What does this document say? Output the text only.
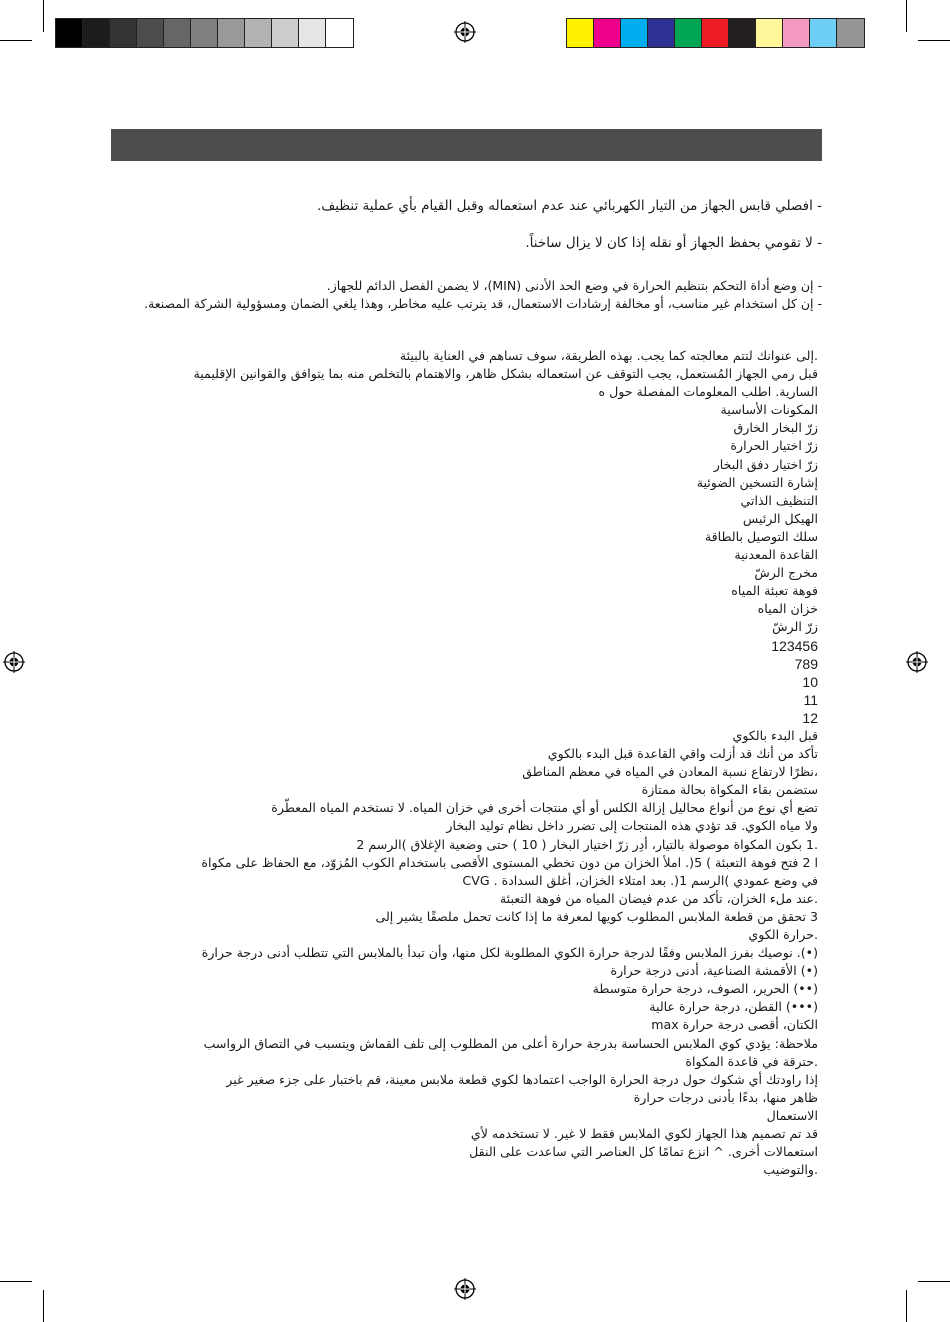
- افصلي قابس الجهاز من التيار الكهربائي عند عدم استعماله وقبل القيام بأي عملية تنظيف.
- لا تقومي بحفظ الجهاز أو نقله إذا كان لا يزال ساخناً.
- إن وضع أداة التحكم بتنظيم الحرارة في وضع الحد الأدنى (MIN)، لا يضمن الفصل الدائم للجهاز.
- إن كل استخدام غير مناسب، أو مخالفة إرشادات الاستعمال، قد يترتب عليه مخاطر، وهذا يلغي الضمان ومسؤولية الشركة المصنعة.
.إلى عنوانك لتتم معالجته كما يجب. بهذه الطريقة، سوف تساهم في العناية بالبيئة
قبل رمي الجهاز المُستعمل، يجب التوقف عن استعماله بشكل ظاهر، والاهتمام بالتخلص منه بما يتوافق والقوانين الإقليمية
السارية. اطلب المعلومات المفصلة حول ه
المكونات الأساسية
زرّ البخار الخارق
زرّ اختيار الحرارة
زرّ اختيار دفق البخار
إشارة التسخين الضوئية
التنظيف الذاتي
الهيكل الرئيس
سلك التوصيل بالطاقة
القاعدة المعدنية
مخرج الرشّ
فوهة تعبئة المياه
خزان المياه
زرّ الرشّ
123456
789
10
11
12
قبل البدء بالكوي
تأكد من أنك قد أزلت واقي القاعدة قبل البدء بالكوي
،نظرًا لارتفاع نسبة المعادن في المياه في معظم المناطق
ستضمن بقاء المكواة بحالة ممتازة
تضع أي نوع من أنواع محاليل إزالة الكلس أو أي منتجات أخرى في خزان المياه. لا تستخدم المياه المعطّرة
ولا مياه الكوي. قد تؤدي هذه المنتجات إلى تضرر داخل نظام توليد البخار
.1 بكون المكواة موصولة بالتيار، أدِر زرّ اختيار البخار ( 10 ) حتى وضعية الإغلاق )الرسم 2
ا 2 فتح فوهة التعبئة ) 5(. املأ الخزان من دون تخطي المستوى الأقصى باستخدام الكوب المُزوّد، مع الحفاظ على مكواة
في وضع عمودي )الرسم 1(. بعد امتلاء الخزان، أغلق السدادة . CVG
.عند ملء الخزان، تأكد من عدم فيضان المياه من فوهة التعبئة
3 تحقق من قطعة الملابس المطلوب كويها لمعرفة ما إذا كانت تحمل ملصقًا يشير إلى
.حرارة الكوي
(•). نوصيك بفرز الملابس وفقًا لدرجة حرارة الكوي المطلوبة لكل منها، وأن تبدأ بالملابس التي تتطلب أدنى درجة حرارة
(•) الأقمشة الصناعية، أدنى درجة حرارة
(••) الحرير، الصوف، درجة حرارة متوسطة
(•••) القطن، درجة حرارة عالية
الكتان، أقصى درجة حرارة max
ملاحظة: يؤدي كوي الملابس الحساسة بدرجة حرارة أعلى من المطلوب إلى تلف القماش ويتسبب في التصاق الرواسب
.حترقة في قاعدة المكواة
إذا راودتك أي شكوك حول درجة الحرارة الواجب اعتمادها لكوي قطعة ملابس معينة، قم باختبار على جزء صغير غير
ظاهر منها، بدءًا بأدنى درجات حرارة
الاستعمال
قد تم تصميم هذا الجهاز لكوي الملابس فقط لا غير. لا تستخدمه لأي
استعمالات أخرى. ^ انزع تمامًا كل العناصر التي ساعدت على النقل
.والتوضيب
